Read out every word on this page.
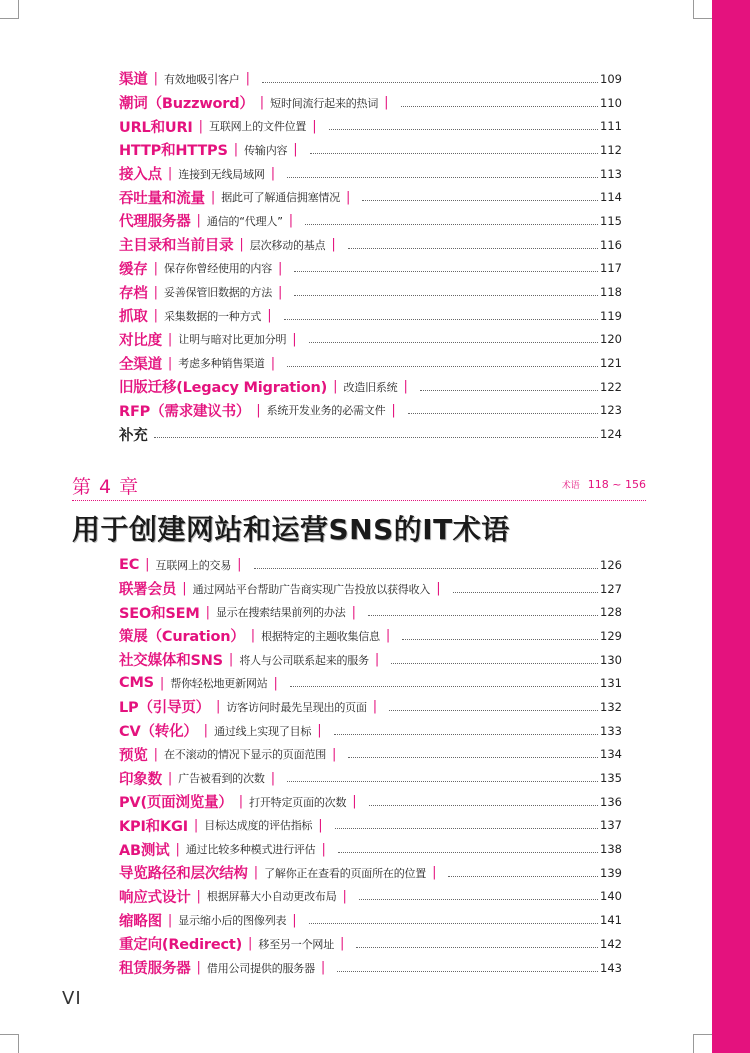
渠道 | 有效地吸引客户 |	109
潮词（Buzzword） | 短时间流行起来的热词 |	110
URL和URI | 互联网上的文件位置 |	111
HTTP和HTTPS | 传输内容 |	112
接入点 | 连接到无线局域网 |	113
吞吐量和流量 | 据此可了解通信拥塞情况 |	114
代理服务器 | 通信的“代理人” |	115
主目录和当前目录 | 层次移动的基点 |	116
缓存 | 保存你曾经使用的内容 |	117
存档 | 妥善保管旧数据的方法 |	118
抓取 | 采集数据的一种方式 |	119
对比度 | 让明与暗对比更加分明 |	120
全渠道 | 考虑多种销售渠道 |	121
旧版迁移(Legacy Migration) | 改造旧系统 |	122
RFP（需求建议书） | 系统开发业务的必需文件 |	123
补充	124
第 4 章	术语 118 ~ 156
用于创建网站和运营SNS的IT术语
EC | 互联网上的交易 |	126
联署会员 | 通过网站平台帮助广告商实现广告投放以获得收入 |	127
SEO和SEM | 显示在搜索结果前列的办法 |	128
策展（Curation） | 根据特定的主题收集信息 |	129
社交媒体和SNS | 将人与公司联系起来的服务 |	130
CMS | 帮你轻松地更新网站 |	131
LP（引导页） | 访客访问时最先呈现出的页面 |	132
CV（转化） | 通过线上实现了目标 |	133
预览 | 在不滚动的情况下显示的页面范围 |	134
印象数 | 广告被看到的次数 |	135
PV(页面浏览量） | 打开特定页面的次数 |	136
KPI和KGI | 目标达成度的评估指标 |	137
AB测试 | 通过比较多种模式进行评估 |	138
导览路径和层次结构 | 了解你正在查看的页面所在的位置 |	139
响应式设计 | 根据屏幕大小自动更改布局 |	140
缩略图 | 显示缩小后的图像列表 |	141
重定向(Redirect) | 移至另一个网址 |	142
租赁服务器 | 借用公司提供的服务器 |	143
VI
